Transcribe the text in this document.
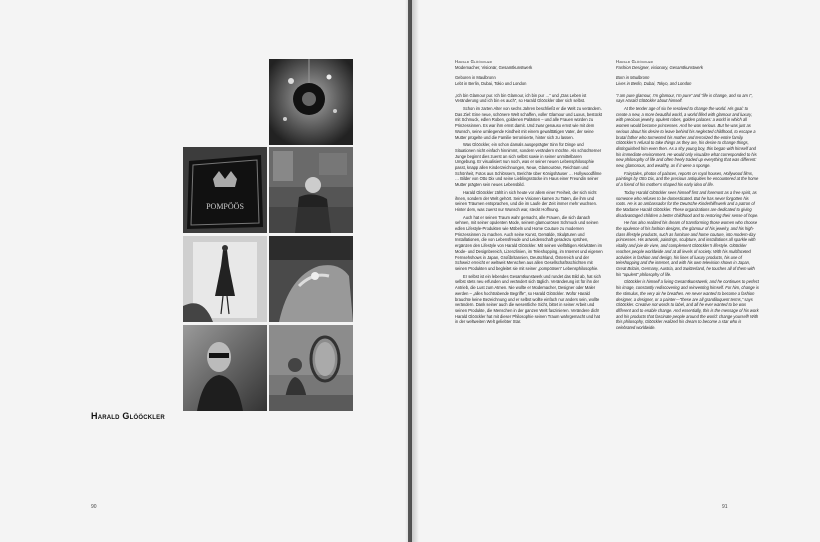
POMPÖÖS
Harald Glööckler
90
Harald Glööckler
Modemacher, Visionär, Gesamtkunstwerk
Geboren in Maulbronn
Lebt in Berlin, Dubai, Tokio und London

„Ich bin Glamour pur. Ich bin Glamour, ich bin pur …“ und „Das Leben ist Veränderung und ich bin es auch“, so Harald Glööckler über sich selbst.

Schon im zarten Alter von sechs Jahren beschließt er die Welt zu verändern. Das Ziel: Eine neue, schönere Welt schaffen, voller Glamour und Luxus, bestückt mit Schmuck, edlen Roben, goldenen Palästen – und alle Frauen würden zu Prinzessinnen. Es war ihm ernst damit. Und zwar genauso ernst wie mit dem Wunsch, seine umliegende Kindheit mit einem gewalttätigen Vater, der seine Mutter prügelte und die Familie terrorisierte, hinter sich zu lassen.

Was Glööckler, ein schon damals ausgeprägter Sinn für Dinge und Situationen nicht einfach hinnimmt, sondern verändern möchte. Als schüchterner Junge beginnt dies zuerst an sich selbst sowie in seiner unmittelbaren Umgebung. Er visualisiert nun noch, was er seiner neuen Lebensphilosophie passt, knapp allen Kinderzeichnungen, Neue, Glamouröse, Reichtum und Schönheit, Fotos aus Schlössern, Berichte über Königshäuser … Hollywoodfilme … Bilder von Otto Dix und seine Lieblingsstücke im Haus einer Freundin seiner Mutter prägten sein neues Lebensbild.

Harald Glööckler zählt in sich heute vor allem einer Freiheit, der sich nicht ihnen, sondern der Welt gehört. Seine Visionen kamen zu Taten, die ihm und seinen Träumen entsprachen, und die im Laufe der Zeit immer mehr wuchsen. Hinter dem, was zuerst nur Wunsch war, steckt Hoffnung.

Auch hat er seinen Traum wahr gemacht, alle Frauen, die sich danach sehnen, mit seiner opulenten Mode, seinem glamourösen Schmuck und seinen edlen Lifestyle-Produkten wie Möbeln und Home Couture zu modernen Prinzessinnen zu machen. Auch seine Kunst, Gemälde, Skulpturen und Installationen, die von Lebensfreude und Leidenschaft geradezu sprühen, ergänzen den Lifestyle von Harald Glööckler. Mit seinen vielfältigen Aktivitäten im Mode- und Designbereich, Lizenzlinien, im Teleshopping, im Internet und eigenen Fernsehshows in Japan, Großbritannien, Deutschland, Österreich und der Schweiz erreicht er weltweit Menschen aus allen Gesellschaftsschichten mit seinen Produkten und begleitet sie mit seiner „pompöösen“ Lebensphilosophie.

Er selbst ist ein lebendes Gesamtkunstwerk und rundet das Bild ab, hat sich selbst stets neu erfunden und verändert sich täglich. Veränderung ist für ihn der Antrieb, die Lust zum Atmen. Nie wollte er Modemacher, Designer oder Maler werden – „alles hochtrabende Begriffe“, so Harald Glööckler. Wofür Harald brauchte keine Bezeichnung und er selbst wollte einfach nur anders sein, wollte verändern. Dank seiner auch die wesentliche Sicht, bittet in seiner Arbeit und seinen Produkte, die Menschen in der ganzen Welt faszinieren. Verändere dich! Harald Glööckler hat mit dieser Philosophie seinen Traum wahrgemacht und hat in der weltweiten Welt geliebter Star.

Harald Glööckler
Fashion Designer, visionary, Gesamtkunstwerk
Born in Maulbronn
Lives in Berlin, Dubai, Tokyo, and London

“I am pure glamour, I’m glamour, I’m pure” and “life is change, and so am I”, says Harald Glööckler about himself.

At the tender age of six he resolved to change the world. His goal: to create a new, a more beautiful world, a world filled with glamour and luxury, with precious jewelry, opulent robes, golden palaces: a world in which all women would become princesses. And he was serious. But he was just as serious about his desire to leave behind his neglected childhood, to escape a brutal father who tormented his mother and terrorized the entire family. Glööckler’s refusal to take things as they are, his desire to change things, distinguished him even then. As a shy young boy, this began with himself and his immediate environment. He would only visualize what corresponded to his new philosophy of life and often freely traded up everything that was different: new, glamorous, and wealthy, as if it were a sponge.

Fairytales, photos of palaces, reports on royal houses, Hollywood films, paintings by Otto Dix, and the precious antiquities he encountered at the home of a friend of his mother’s shaped his early idea of life.

Today Harald Glööckler sees himself first and foremost as a free spirit, as someone who refuses to be domesticated. But he has never forgotten his roots. He is an ambassador for the Deutsche Kinderhilfswerk and a patron of the Madame Harald Glööckler. These organizations are dedicated to giving disadvantaged children a better childhood and to restoring their sense of hope.

He has also realized his dream of transforming those women who choose the opulence of his fashion designs, the glamour of his jewelry, and his high-class lifestyle products, such as furniture and home couture, into modern-day princesses. His artwork, paintings, sculpture, and installations all sparkle with vitality and joie de vivre, and complement Glööckler’s lifestyle. Glööckler reaches people worldwide and at all levels of society. With his multifaceted activities in fashion and design, his lines of luxury products, his use of teleshopping and the internet, and with his own television shows in Japan, Great Britain, Germany, Austria, and Switzerland, he touches all of them with his “opulent” philosophy of life.

Glööckler is himself a living Gesamtkunstwerk, and he continues to perfect his image, constantly rediscovering and reinventing himself. For him, change is the stimulus, the very air he breathes. He never wanted to become a fashion designer, a designer, or a painter—“these are all grandiloquent terms,” says Glööckler. Creative not words to label, and all he ever wanted to be was different and to enable change. And essentially, this is the message of his work and his products that fascinate people around the world: change yourself! With this philosophy, Glööckler realized his dream to become a star who is celebrated worldwide.

91
